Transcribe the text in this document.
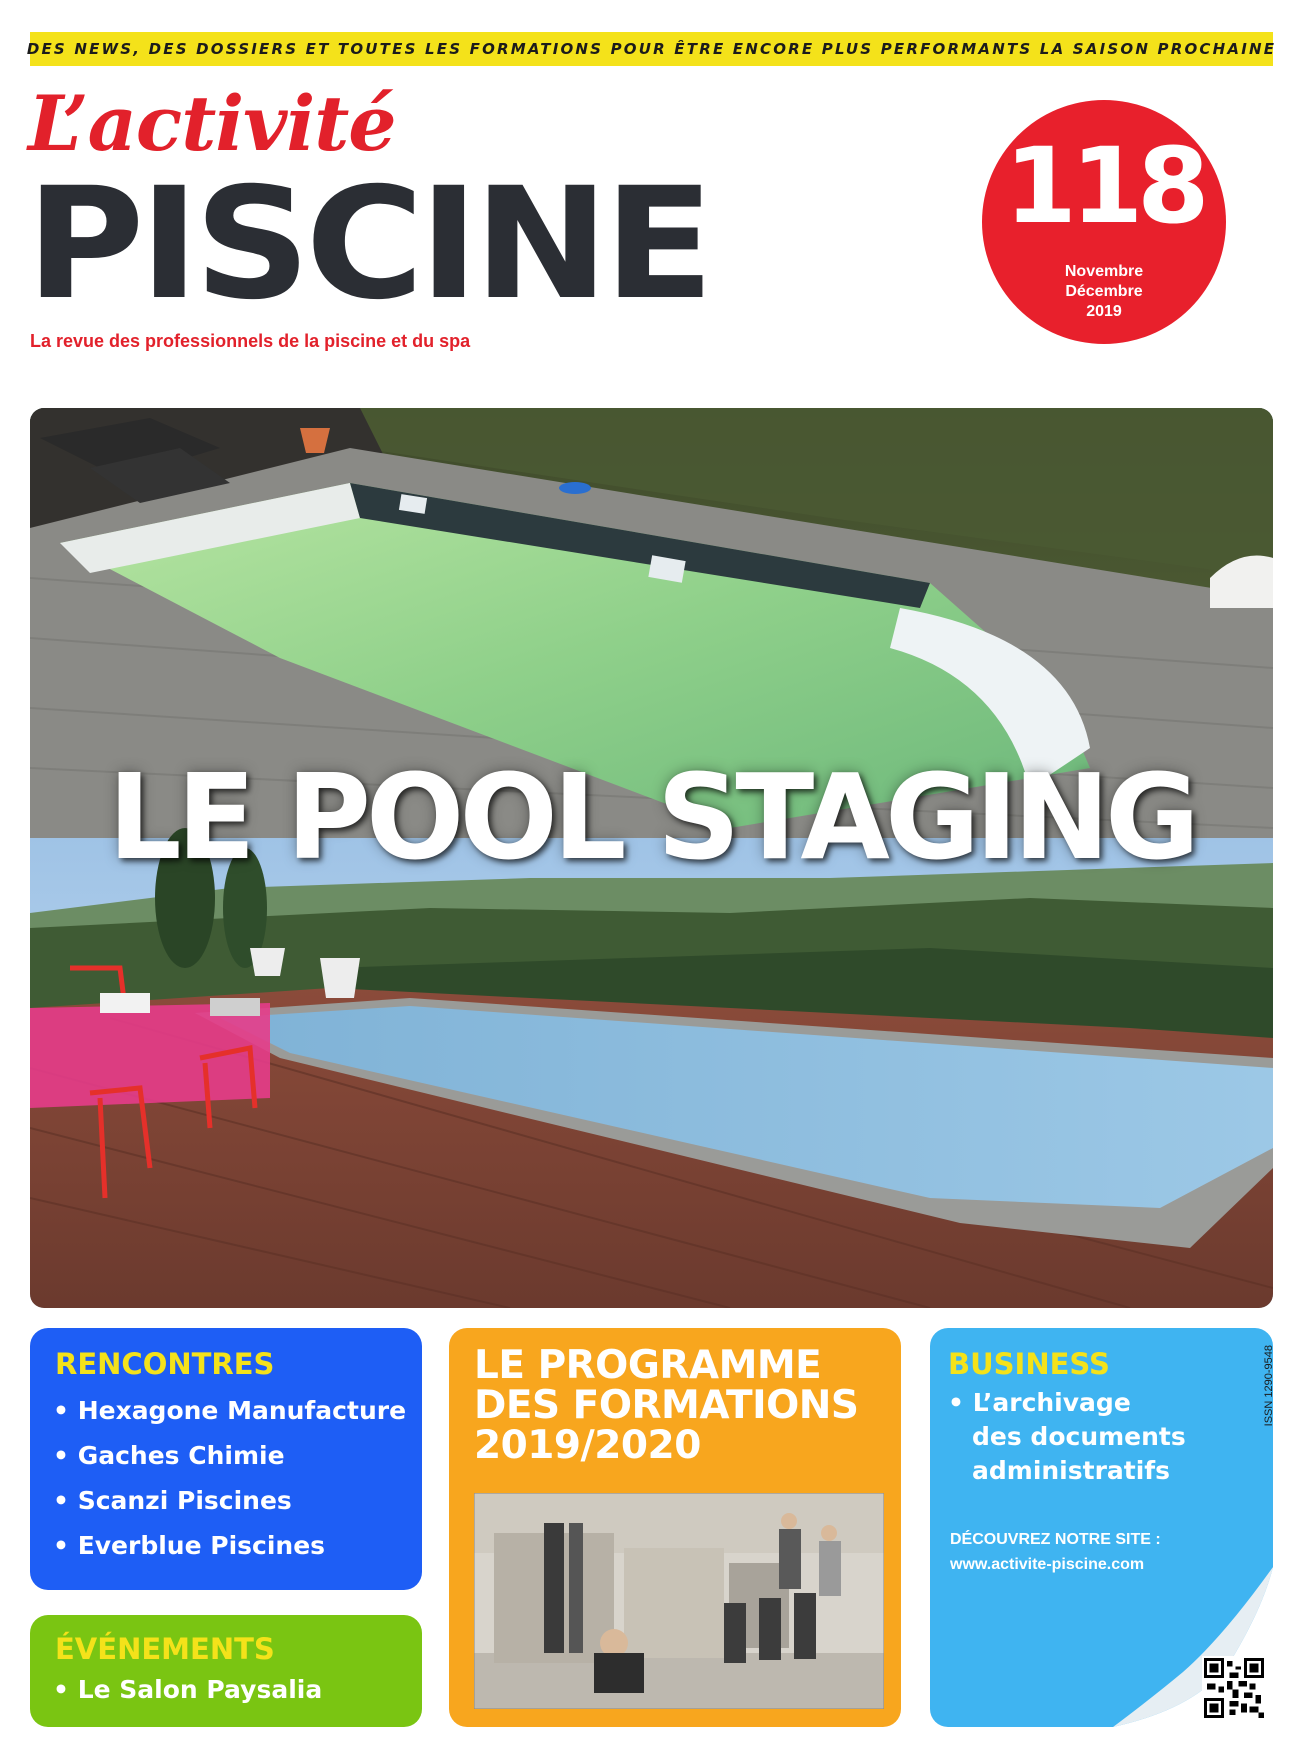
DES NEWS, DES DOSSIERS ET TOUTES LES FORMATIONS POUR ÊTRE ENCORE PLUS PERFORMANTS LA SAISON PROCHAINE
L’activité
PISCINE
La revue des professionnels de la piscine et du spa
118
Novembre
Décembre
2019
LE POOL STAGING
RENCONTRES
• Hexagone Manufacture
• Gaches Chimie
• Scanzi Piscines
• Everblue Piscines
ÉVÉNEMENTS
• Le Salon Paysalia
LE PROGRAMME
DES FORMATIONS
2019/2020
BUSINESS
• L’archivage
des documents
administratifs
DÉCOUVREZ NOTRE SITE :
www.activite-piscine.com
ISSN 1290-9548
